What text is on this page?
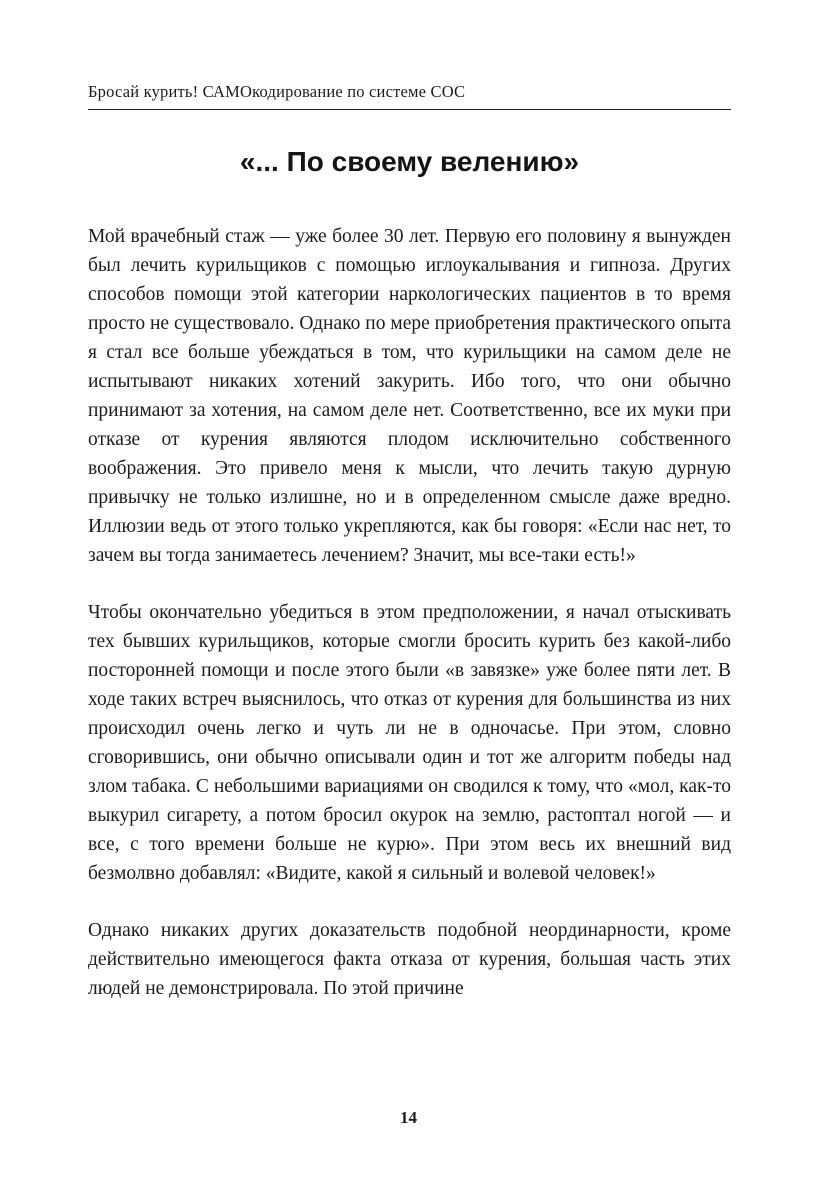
Бросай курить! САМОкодирование по системе СОС
«... По своему велению»

Мой врачебный стаж — уже более 30 лет. Первую его половину я вынужден был лечить курильщиков с помощью иглоукалывания и гипноза. Других способов помощи этой категории наркологических пациентов в то время просто не существовало. Однако по мере приобретения практического опыта я стал все больше убеждаться в том, что курильщики на самом деле не испытывают никаких хотений закурить. Ибо того, что они обычно принимают за хотения, на самом деле нет. Соответственно, все их муки при отказе от курения являются плодом исключительно собственного воображения. Это привело меня к мысли, что лечить такую дурную привычку не только излишне, но и в определенном смысле даже вредно. Иллюзии ведь от этого только укрепляются, как бы говоря: «Если нас нет, то зачем вы тогда занимаетесь лечением? Значит, мы все-таки есть!»

Чтобы окончательно убедиться в этом предположении, я начал отыскивать тех бывших курильщиков, которые смогли бросить курить без какой-либо посторонней помощи и после этого были «в завязке» уже более пяти лет. В ходе таких встреч выяснилось, что отказ от курения для большинства из них происходил очень легко и чуть ли не в одночасье. При этом, словно сговорившись, они обычно описывали один и тот же алгоритм победы над злом табака. С небольшими вариациями он сводился к тому, что «мол, как-то выкурил сигарету, а потом бросил окурок на землю, растоптал ногой — и все, с того времени больше не курю». При этом весь их внешний вид безмолвно добавлял: «Видите, какой я сильный и волевой человек!»

Однако никаких других доказательств подобной неординарности, кроме действительно имеющегося факта отказа от курения, большая часть этих людей не демонстрировала. По этой причине

14
